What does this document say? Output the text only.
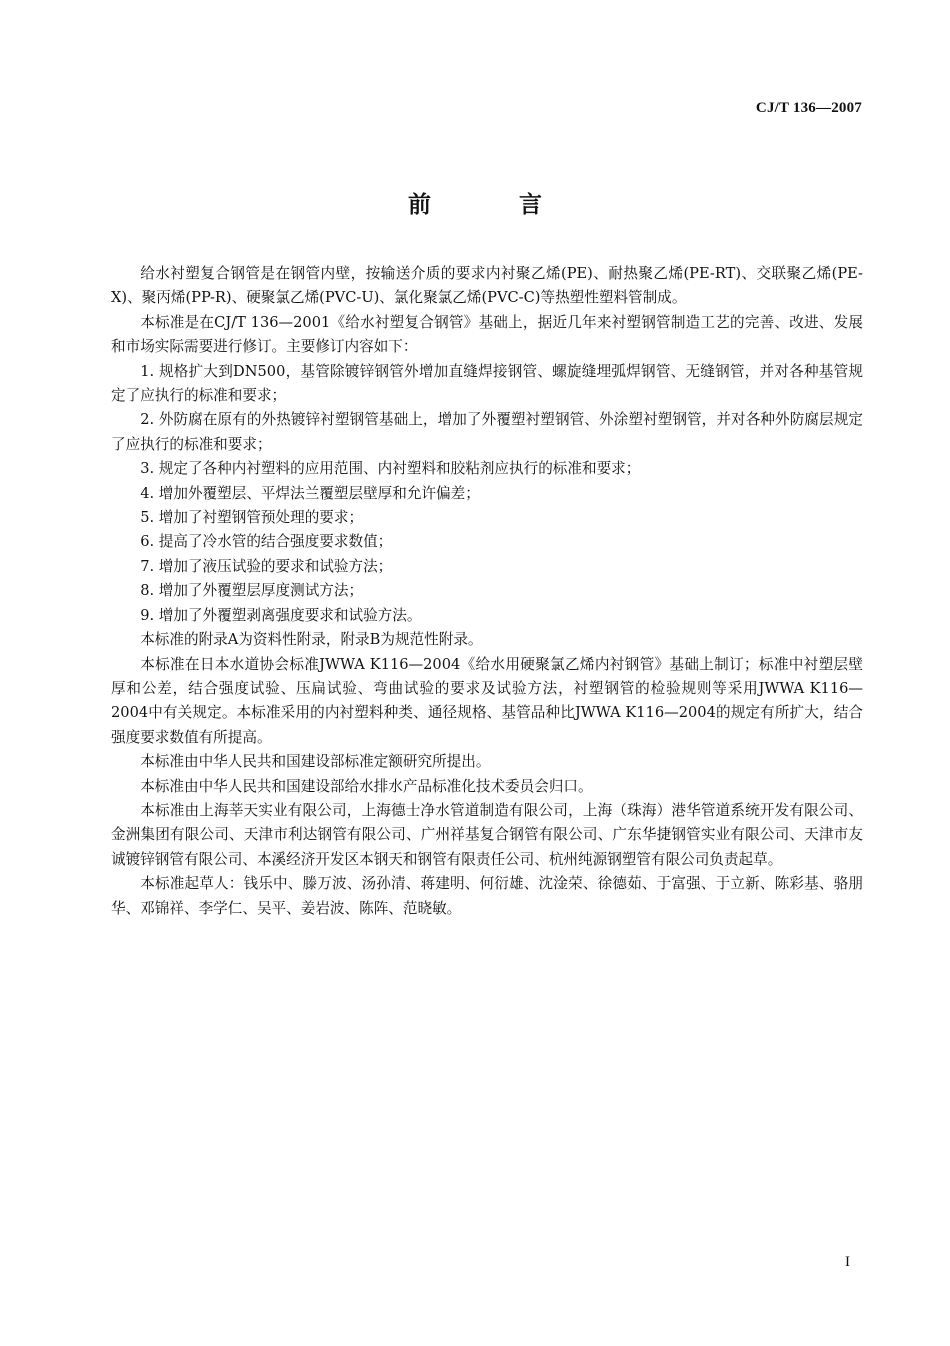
CJ/T 136—2007
前 言

给水衬塑复合钢管是在钢管内壁，按输送介质的要求内衬聚乙烯(PE)、耐热聚乙烯(PE-RT)、交联聚乙烯(PE-X)、聚丙烯(PP-R)、硬聚氯乙烯(PVC-U)、氯化聚氯乙烯(PVC-C)等热塑性塑料管制成。

本标准是在CJ/T 136—2001《给水衬塑复合钢管》基础上，据近几年来衬塑钢管制造工艺的完善、改进、发展和市场实际需要进行修订。主要修订内容如下：

1. 规格扩大到DN500，基管除镀锌钢管外增加直缝焊接钢管、螺旋缝埋弧焊钢管、无缝钢管，并对各种基管规定了应执行的标准和要求；

2. 外防腐在原有的外热镀锌衬塑钢管基础上，增加了外覆塑衬塑钢管、外涂塑衬塑钢管，并对各种外防腐层规定了应执行的标准和要求；

3. 规定了各种内衬塑料的应用范围、内衬塑料和胶粘剂应执行的标准和要求；

4. 增加外覆塑层、平焊法兰覆塑层壁厚和允许偏差；

5. 增加了衬塑钢管预处理的要求；

6. 提高了冷水管的结合强度要求数值；

7. 增加了液压试验的要求和试验方法；

8. 增加了外覆塑层厚度测试方法；

9. 增加了外覆塑剥离强度要求和试验方法。

本标准的附录A为资料性附录，附录B为规范性附录。

本标准在日本水道协会标准JWWA K116—2004《给水用硬聚氯乙烯内衬钢管》基础上制订；标准中衬塑层壁厚和公差，结合强度试验、压扁试验、弯曲试验的要求及试验方法，衬塑钢管的检验规则等采用JWWA K116—2004中有关规定。本标准采用的内衬塑料种类、通径规格、基管品种比JWWA K116—2004的规定有所扩大，结合强度要求数值有所提高。

本标准由中华人民共和国建设部标准定额研究所提出。

本标准由中华人民共和国建设部给水排水产品标准化技术委员会归口。

本标准由上海莘天实业有限公司，上海德士净水管道制造有限公司，上海（珠海）港华管道系统开发有限公司、金洲集团有限公司、天津市利达钢管有限公司、广州祥基复合钢管有限公司、广东华捷钢管实业有限公司、天津市友诚镀锌钢管有限公司、本溪经济开发区本钢天和钢管有限责任公司、杭州纯源钢塑管有限公司负责起草。

本标准起草人：钱乐中、滕万波、汤孙清、蒋建明、何衍雄、沈淦荣、徐德茹、于富强、于立新、陈彩基、骆朋华、邓锦祥、李学仁、吴平、姜岩波、陈阵、范晓敏。

I
